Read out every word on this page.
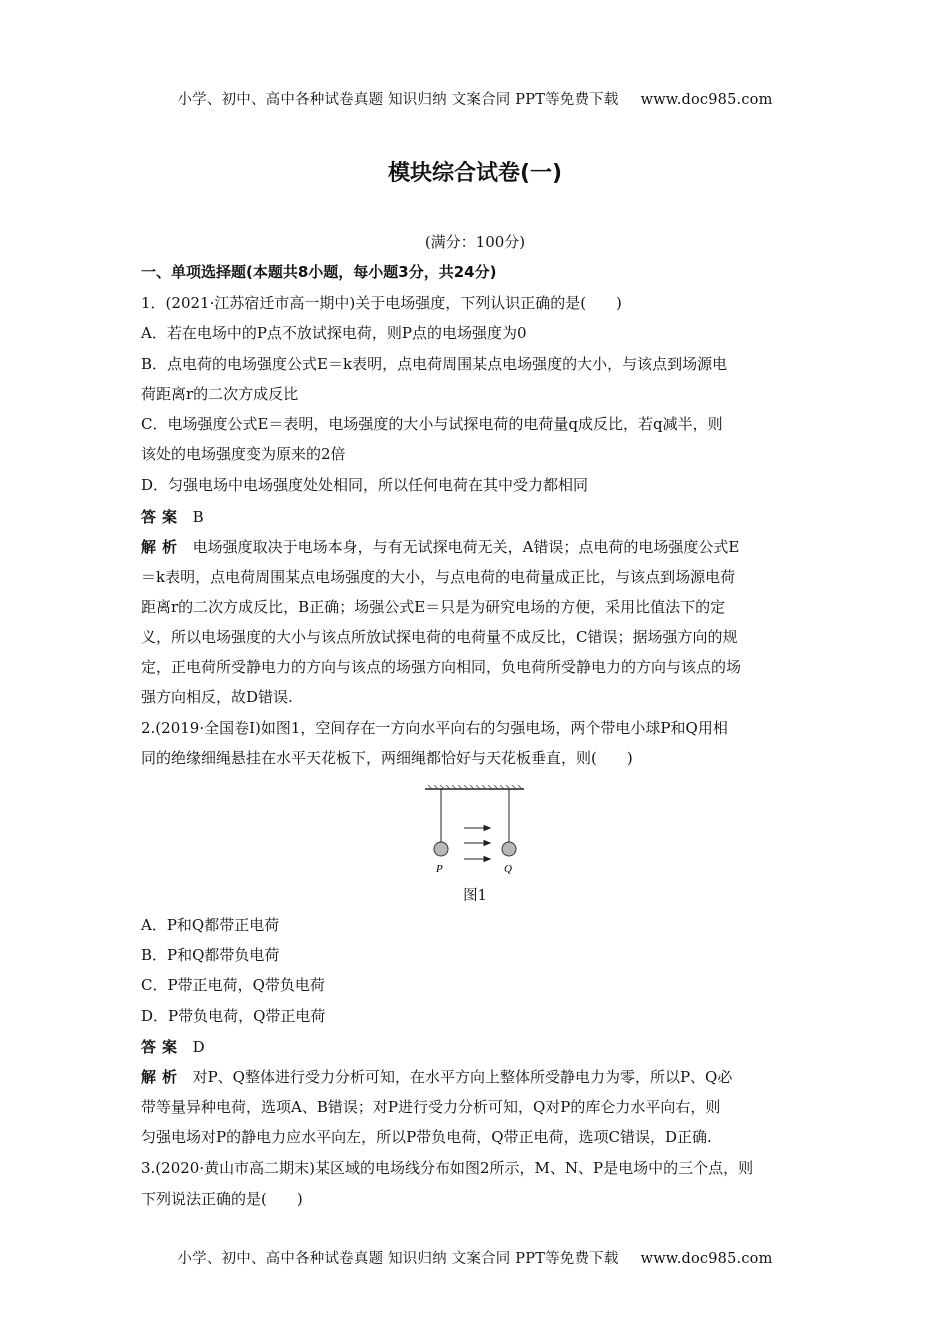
小学、初中、高中各种试卷真题 知识归纳 文案合同 PPT等免费下载 www.doc985.com
模块综合试卷(一)
(满分：100分)
一、单项选择题(本题共8小题，每小题3分，共24分)
1．(2021·江苏宿迁市高一期中)关于电场强度，下列认识正确的是(　　)
A．若在电场中的P点不放试探电荷，则P点的电场强度为0
B．点电荷的电场强度公式E＝k表明，点电荷周围某点电场强度的大小，与该点到场源电
荷距离r的二次方成反比
C．电场强度公式E＝表明，电场强度的大小与试探电荷的电荷量q成反比，若q减半，则
该处的电场强度变为原来的2倍
D．匀强电场中电场强度处处相同，所以任何电荷在其中受力都相同
答案 B
解析 电场强度取决于电场本身，与有无试探电荷无关，A错误；点电荷的电场强度公式E
＝k表明，点电荷周围某点电场强度的大小，与点电荷的电荷量成正比，与该点到场源电荷
距离r的二次方成反比，B正确；场强公式E＝只是为研究电场的方便，采用比值法下的定
义，所以电场强度的大小与该点所放试探电荷的电荷量不成反比，C错误；据场强方向的规
定，正电荷所受静电力的方向与该点的场强方向相同，负电荷所受静电力的方向与该点的场
强方向相反，故D错误.
2.(2019·全国卷Ⅰ)如图1，空间存在一方向水平向右的匀强电场，两个带电小球P和Q用相
同的绝缘细绳悬挂在水平天花板下，两细绳都恰好与天花板垂直，则(　　)
P	Q
图1
A．P和Q都带正电荷
B．P和Q都带负电荷
C．P带正电荷，Q带负电荷
D．P带负电荷，Q带正电荷
答案 D
解析 对P、Q整体进行受力分析可知，在水平方向上整体所受静电力为零，所以P、Q必
带等量异种电荷，选项A、B错误；对P进行受力分析可知，Q对P的库仑力水平向右，则
匀强电场对P的静电力应水平向左，所以P带负电荷，Q带正电荷，选项C错误，D正确.
3.(2020·黄山市高二期末)某区域的电场线分布如图2所示，M、N、P是电场中的三个点，则
下列说法正确的是(　　)
小学、初中、高中各种试卷真题 知识归纳 文案合同 PPT等免费下载 www.doc985.com
